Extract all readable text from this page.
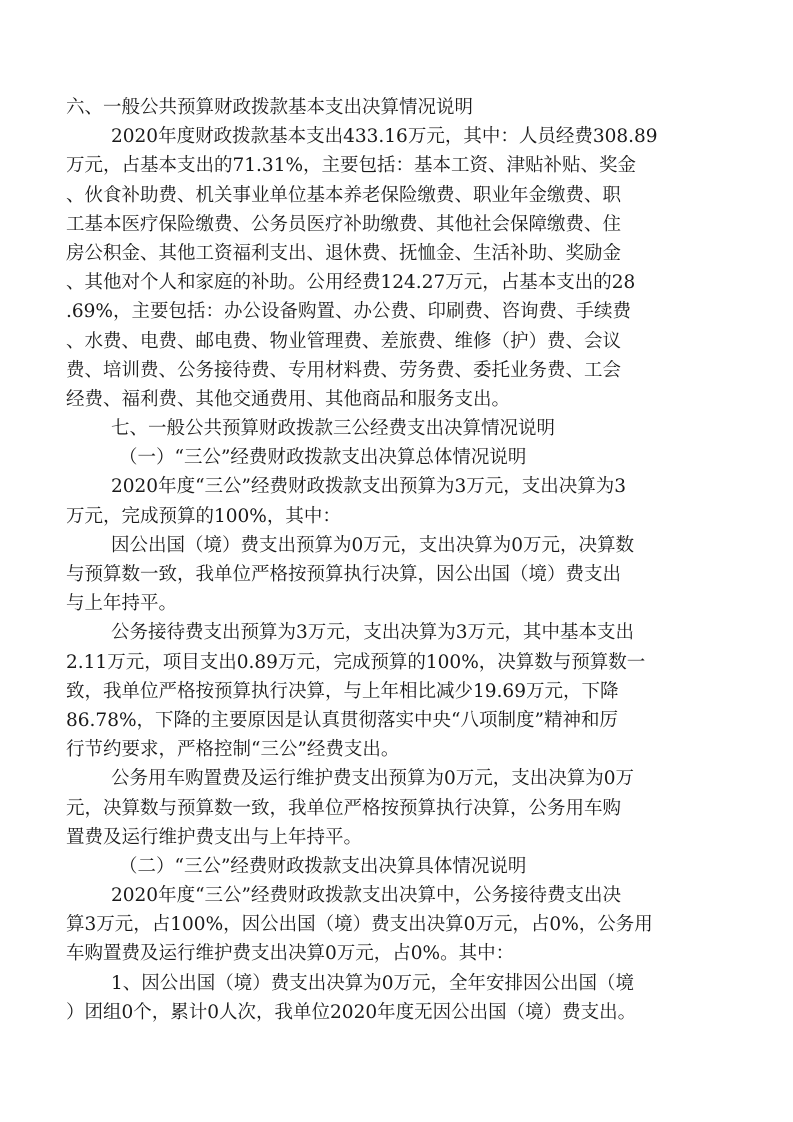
六、一般公共预算财政拨款基本支出决算情况说明
2020年度财政拨款基本支出433.16万元，其中：人员经费308.89
万元，占基本支出的71.31%，主要包括：基本工资、津贴补贴、奖金
、伙食补助费、机关事业单位基本养老保险缴费、职业年金缴费、职
工基本医疗保险缴费、公务员医疗补助缴费、其他社会保障缴费、住
房公积金、其他工资福利支出、退休费、抚恤金、生活补助、奖励金
、其他对个人和家庭的补助。公用经费124.27万元，占基本支出的28
.69%，主要包括：办公设备购置、办公费、印刷费、咨询费、手续费
、水费、电费、邮电费、物业管理费、差旅费、维修（护）费、会议
费、培训费、公务接待费、专用材料费、劳务费、委托业务费、工会
经费、福利费、其他交通费用、其他商品和服务支出。
七、一般公共预算财政拨款三公经费支出决算情况说明
（一）“三公”经费财政拨款支出决算总体情况说明
2020年度“三公”经费财政拨款支出预算为3万元，支出决算为3
万元，完成预算的100%，其中：
因公出国（境）费支出预算为0万元，支出决算为0万元，决算数
与预算数一致，我单位严格按预算执行决算，因公出国（境）费支出
与上年持平。
公务接待费支出预算为3万元，支出决算为3万元，其中基本支出
2.11万元，项目支出0.89万元，完成预算的100%，决算数与预算数一
致，我单位严格按预算执行决算，与上年相比减少19.69万元，下降
86.78%，下降的主要原因是认真贯彻落实中央“八项制度”精神和厉
行节约要求，严格控制“三公”经费支出。
公务用车购置费及运行维护费支出预算为0万元，支出决算为0万
元，决算数与预算数一致，我单位严格按预算执行决算，公务用车购
置费及运行维护费支出与上年持平。
（二）“三公”经费财政拨款支出决算具体情况说明
2020年度“三公”经费财政拨款支出决算中，公务接待费支出决
算3万元，占100%，因公出国（境）费支出决算0万元，占0%，公务用
车购置费及运行维护费支出决算0万元，占0%。其中：
1、因公出国（境）费支出决算为0万元，全年安排因公出国（境
）团组0个，累计0人次，我单位2020年度无因公出国（境）费支出。
